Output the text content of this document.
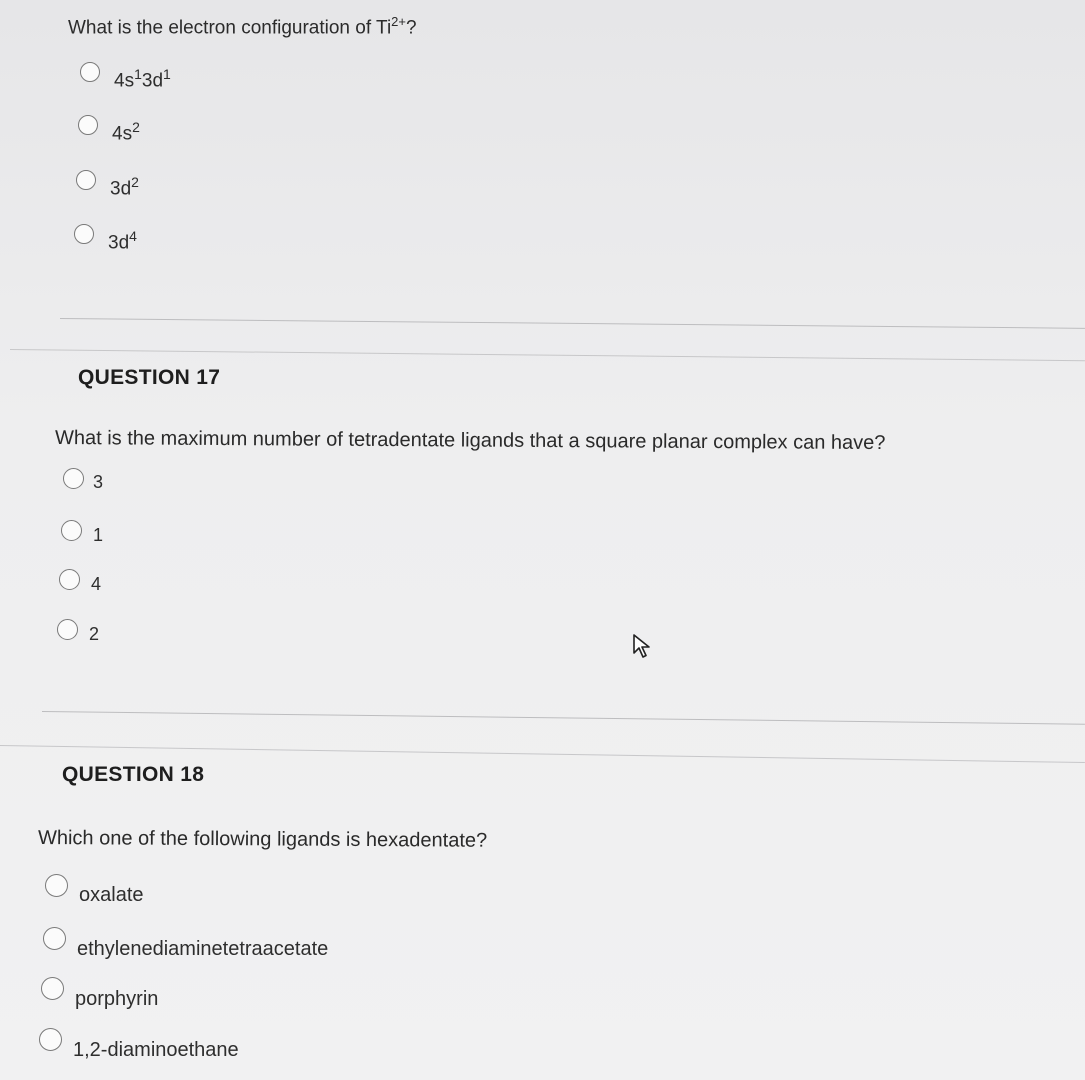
What is the electron configuration of $Ti^{2+}$?
$4s^13d^1$
$4s^2$
$3d^2$
$3d^4$
QUESTION 17
What is the maximum number of tetradentate ligands that a square planar complex can have?
3
1
4
2
QUESTION 18
Which one of the following ligands is hexadentate?
oxalate
ethylenediaminetetraacetate
porphyrin
1,2-diaminoethane
